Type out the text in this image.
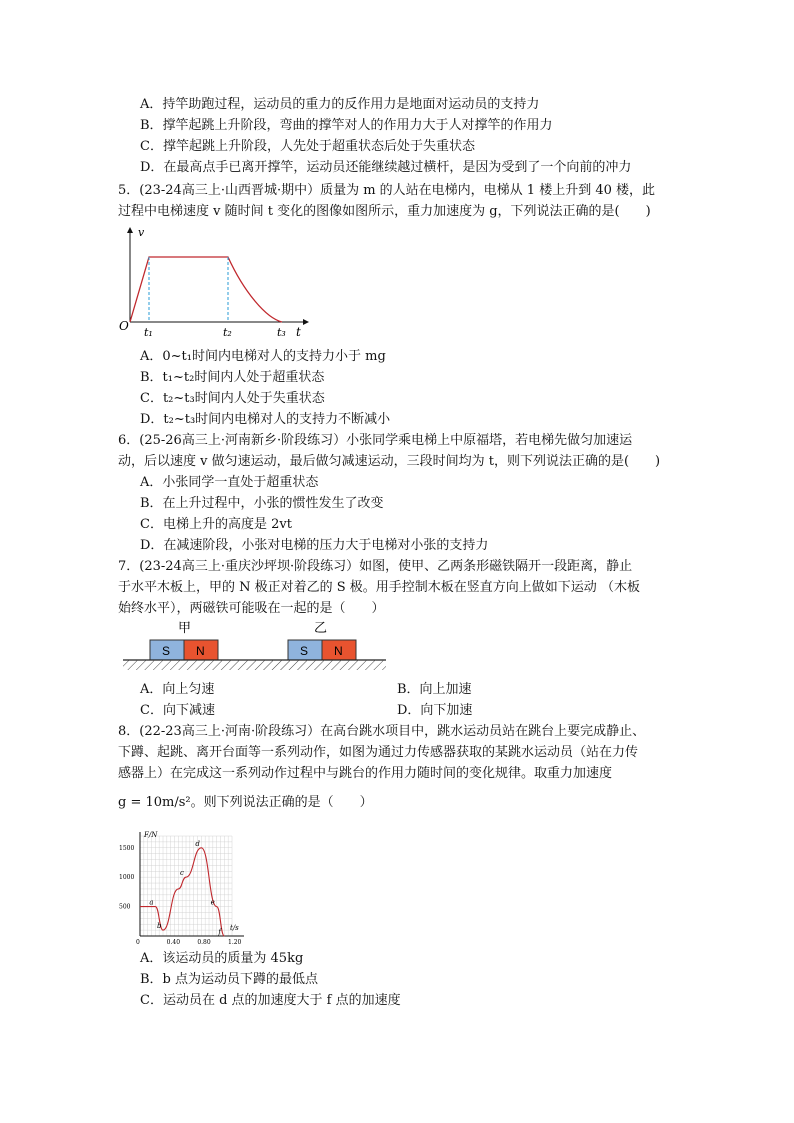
A．持竿助跑过程，运动员的重力的反作用力是地面对运动员的支持力
B．撑竿起跳上升阶段，弯曲的撑竿对人的作用力大于人对撑竿的作用力
C．撑竿起跳上升阶段，人先处于超重状态后处于失重状态
D．在最高点手已离开撑竿，运动员还能继续越过横杆，是因为受到了一个向前的冲力
5．(23-24高三上·山西晋城·期中）质量为 m 的人站在电梯内，电梯从 1 楼上升到 40 楼，此
过程中电梯速度 v 随时间 t 变化的图像如图所示，重力加速度为 g，下列说法正确的是(　　)
v
t
O t₁	t₂	t₃
A．0~t₁时间内电梯对人的支持力小于 mg
B．t₁~t₂时间内人处于超重状态
C．t₂~t₃时间内人处于失重状态
D．t₂~t₃时间内电梯对人的支持力不断减小
6．(25-26高三上·河南新乡·阶段练习）小张同学乘电梯上中原福塔，若电梯先做匀加速运
动，后以速度 v 做匀速运动，最后做匀减速运动，三段时间均为 t，则下列说法正确的是(　　)
A．小张同学一直处于超重状态
B．在上升过程中，小张的惯性发生了改变
C．电梯上升的高度是 2vt
D．在减速阶段，小张对电梯的压力大于电梯对小张的支持力
7．(23-24高三上·重庆沙坪坝·阶段练习）如图，使甲、乙两条形磁铁隔开一段距离，静止
于水平木板上，甲的 N 极正对着乙的 S 极。用手控制木板在竖直方向上做如下运动 （木板
始终水平），两磁铁可能吸在一起的是（　　）
甲	乙
S N	S N
A．向上匀速	B．向上加速
C．向下减速	D．向下加速
8．(22-23高三上·河南·阶段练习）在高台跳水项目中，跳水运动员站在跳台上要完成静止、
下蹲、起跳、离开台面等一系列动作，如图为通过力传感器获取的某跳水运动员（站在力传
感器上）在完成这一系列动作过程中与跳台的作用力随时间的变化规律。取重力加速度
g = 10m/s²。则下列说法正确的是（　　）
F/N
t/s
0	0.40	0.80	1.20
500
1000
1500
a
b
c
d
e
f
A．该运动员的质量为 45kg
B．b 点为运动员下蹲的最低点
C．运动员在 d 点的加速度大于 f 点的加速度
